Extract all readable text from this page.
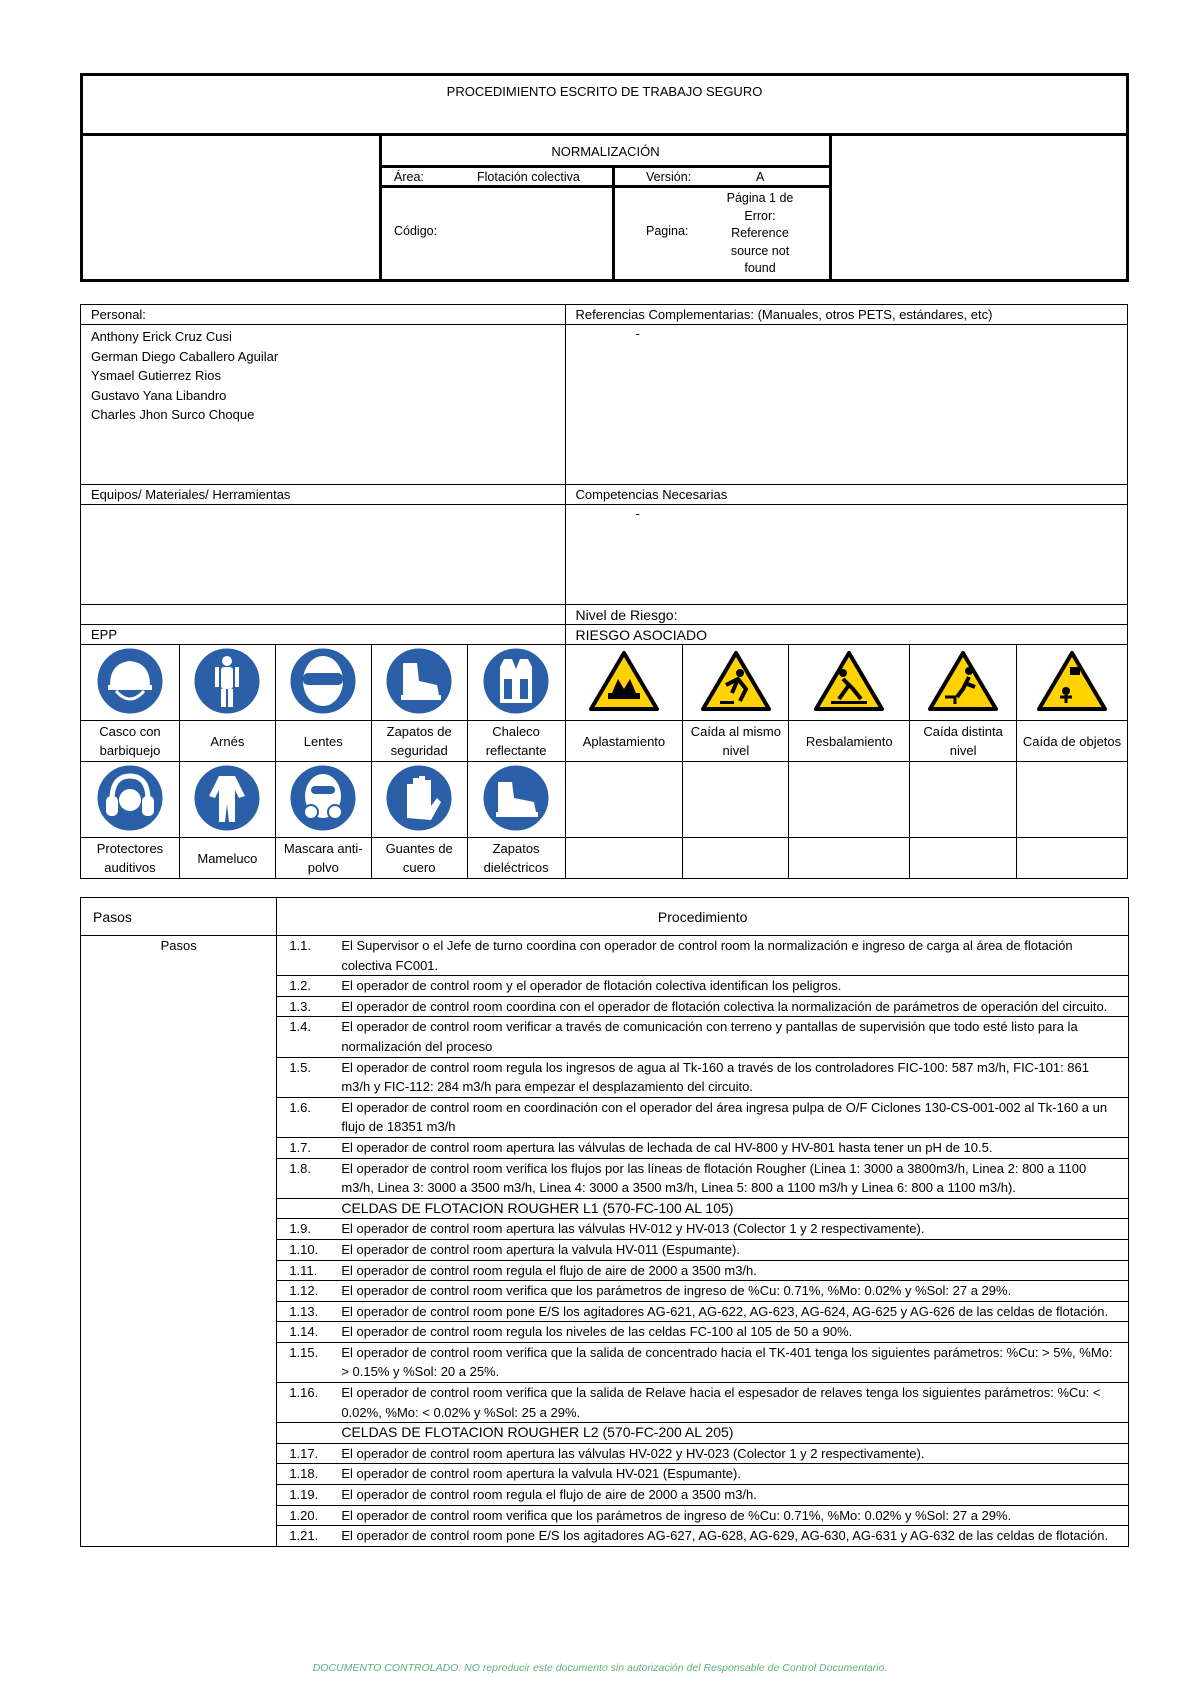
PROCEDIMIENTO ESCRITO DE TRABAJO SEGURO
NORMALIZACIÓN
Área:	Flotación colectiva	Versión:	A
Código:	Pagina:
Página 1 de Error: Reference source not found
Personal:	Referencias Complementarias: (Manuales, otros PETS, estándares, etc)

Anthony Erick Cruz Cusi
German Diego Caballero Aguilar
Ysmael Gutierrez Rios
Gustavo Yana Libandro
Charles Jhon Surco Choque	-
Equipos/ Materiales/ Herramientas	Competencias Necesarias
	-
	Nivel de Riesgo:
EPP	RIESGO ASOCIADO

Casco con barbiquejo	Arnés	Lentes	Zapatos de seguridad	Chaleco reflectante	Aplastamiento	Caída al mismo nivel	Resbalamiento	Caída distinta nivel	Caída de objetos

Protectores auditivos	Mameluco	Mascara anti-polvo	Guantes de cuero	Zapatos dieléctricos					
Pasos	Procedimiento
Pasos	1.1. El Supervisor o el Jefe de turno coordina con operador de control room la normalización e ingreso de carga al área de flotación colectiva FC001.
	1.2. El operador de control room y el operador de flotación colectiva identifican los peligros.
	1.3. El operador de control room coordina con el operador de flotación colectiva la normalización de parámetros de operación del circuito.
	1.4. El operador de control room verificar a través de comunicación con terreno y pantallas de supervisión que todo esté listo para la normalización del proceso
	1.5. El operador de control room regula los ingresos de agua al Tk-160 a través de los controladores FIC-100: 587 m3/h, FIC-101: 861 m3/h y FIC-112: 284 m3/h para empezar el desplazamiento del circuito.
	1.6. El operador de control room en coordinación con el operador del área ingresa pulpa de O/F Ciclones 130-CS-001-002 al Tk-160 a un flujo de 18351 m3/h
	1.7. El operador de control room apertura las válvulas de lechada de cal HV-800 y HV-801 hasta tener un pH de 10.5.
	1.8. El operador de control room verifica los flujos por las líneas de flotación Rougher (Linea 1: 3000 a 3800m3/h, Linea 2: 800 a 1100 m3/h, Linea 3: 3000 a 3500 m3/h, Linea 4: 3000 a 3500 m3/h, Linea 5: 800 a 1100 m3/h y Linea 6: 800 a 1100 m3/h).
	CELDAS DE FLOTACION ROUGHER L1 (570-FC-100 AL 105)
	1.9. El operador de control room apertura las válvulas HV-012 y HV-013 (Colector 1 y 2 respectivamente).
	1.10. El operador de control room apertura la valvula HV-011 (Espumante).
	1.11. El operador de control room regula el flujo de aire de 2000 a 3500 m3/h.
	1.12. El operador de control room verifica que los parámetros de ingreso de %Cu: 0.71%, %Mo: 0.02% y %Sol: 27 a 29%.
	1.13. El operador de control room pone E/S los agitadores AG-621, AG-622, AG-623, AG-624, AG-625 y AG-626 de las celdas de flotación.
	1.14. El operador de control room regula los niveles de las celdas FC-100 al 105 de 50 a 90%.
	1.15. El operador de control room verifica que la salida de concentrado hacia el TK-401 tenga los siguientes parámetros: %Cu: > 5%, %Mo: > 0.15% y %Sol: 20 a 25%.
	1.16. El operador de control room verifica que la salida de Relave hacia el espesador de relaves tenga los siguientes parámetros: %Cu: < 0.02%, %Mo: < 0.02% y %Sol: 25 a 29%.
	CELDAS DE FLOTACION ROUGHER L2 (570-FC-200 AL 205)
	1.17. El operador de control room apertura las válvulas HV-022 y HV-023 (Colector 1 y 2 respectivamente).
	1.18. El operador de control room apertura la valvula HV-021 (Espumante).
	1.19. El operador de control room regula el flujo de aire de 2000 a 3500 m3/h.
	1.20. El operador de control room verifica que los parámetros de ingreso de %Cu: 0.71%, %Mo: 0.02% y %Sol: 27 a 29%.
	1.21. El operador de control room pone E/S los agitadores AG-627, AG-628, AG-629, AG-630, AG-631 y AG-632 de las celdas de flotación.
DOCUMENTO CONTROLADO: NO reproducir este documento sin autorización del Responsable de Control Documentario.
